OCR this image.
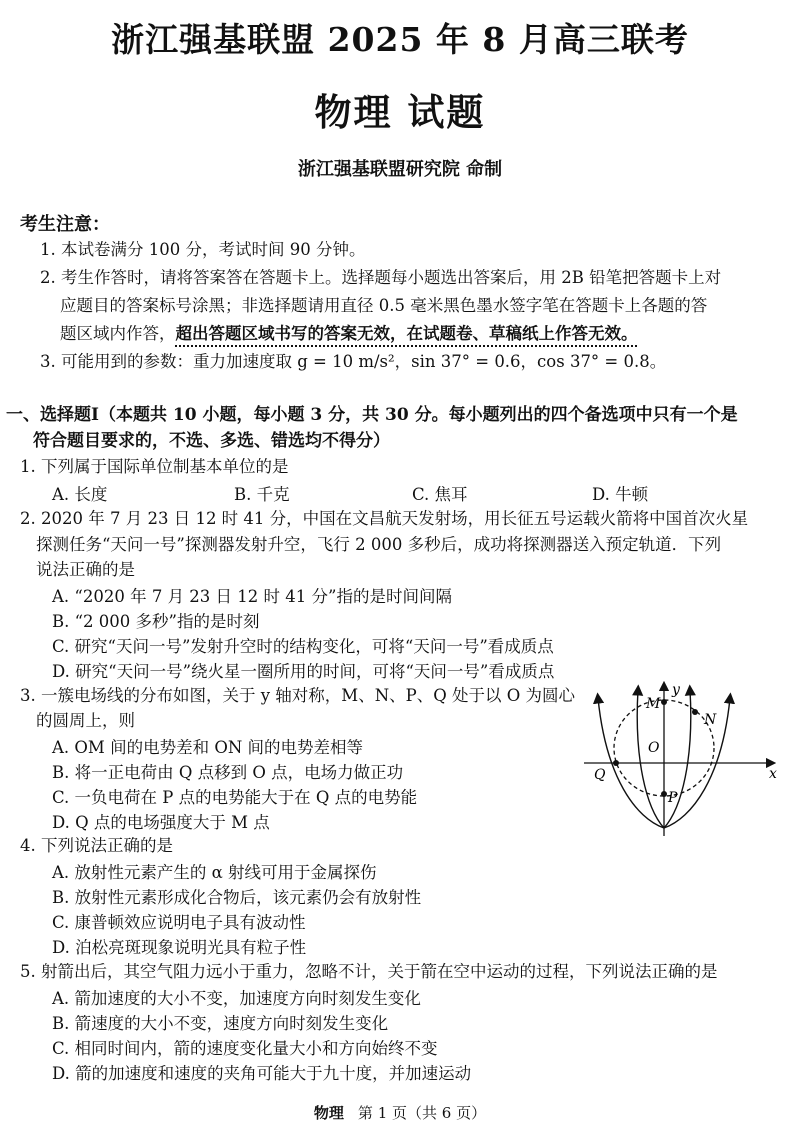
浙江强基联盟 2025 年 8 月高三联考
物理 试题
浙江强基联盟研究院 命制
考生注意：
1. 本试卷满分 100 分，考试时间 90 分钟。
2. 考生作答时，请将答案答在答题卡上。选择题每小题选出答案后，用 2B 铅笔把答题卡上对
应题目的答案标号涂黑；非选择题请用直径 0.5 毫米黑色墨水签字笔在答题卡上各题的答
题区域内作答，超出答题区域书写的答案无效，在试题卷、草稿纸上作答无效。
3. 可能用到的参数：重力加速度取 g = 10 m/s²，sin 37° = 0.6，cos 37° = 0.8。
一、选择题Ⅰ（本题共 10 小题，每小题 3 分，共 30 分。每小题列出的四个备选项中只有一个是
符合题目要求的，不选、多选、错选均不得分）
1. 下列属于国际单位制基本单位的是
A. 长度	B. 千克	C. 焦耳	D. 牛顿
2. 2020 年 7 月 23 日 12 时 41 分，中国在文昌航天发射场，用长征五号运载火箭将中国首次火星
探测任务“天问一号”探测器发射升空，飞行 2 000 多秒后，成功将探测器送入预定轨道．下列
说法正确的是
A. “2020 年 7 月 23 日 12 时 41 分”指的是时间间隔
B. “2 000 多秒”指的是时刻
C. 研究“天问一号”发射升空时的结构变化，可将“天问一号”看成质点
D. 研究“天问一号”绕火星一圈所用的时间，可将“天问一号”看成质点
3. 一簇电场线的分布如图，关于 y 轴对称，M、N、P、Q 处于以 O 为圆心
的圆周上，则
A. OM 间的电势差和 ON 间的电势差相等
B. 将一正电荷由 Q 点移到 O 点，电场力做正功
C. 一负电荷在 P 点的电势能大于在 Q 点的电势能
D. Q 点的电场强度大于 M 点
y
x
M
N
O
Q
P
4. 下列说法正确的是
A. 放射性元素产生的 α 射线可用于金属探伤
B. 放射性元素形成化合物后，该元素仍会有放射性
C. 康普顿效应说明电子具有波动性
D. 泊松亮斑现象说明光具有粒子性
5. 射箭出后，其空气阻力远小于重力，忽略不计，关于箭在空中运动的过程，下列说法正确的是
A. 箭加速度的大小不变，加速度方向时刻发生变化
B. 箭速度的大小不变，速度方向时刻发生变化
C. 相同时间内，箭的速度变化量大小和方向始终不变
D. 箭的加速度和速度的夹角可能大于九十度，并加速运动
物理 第 1 页（共 6 页）
